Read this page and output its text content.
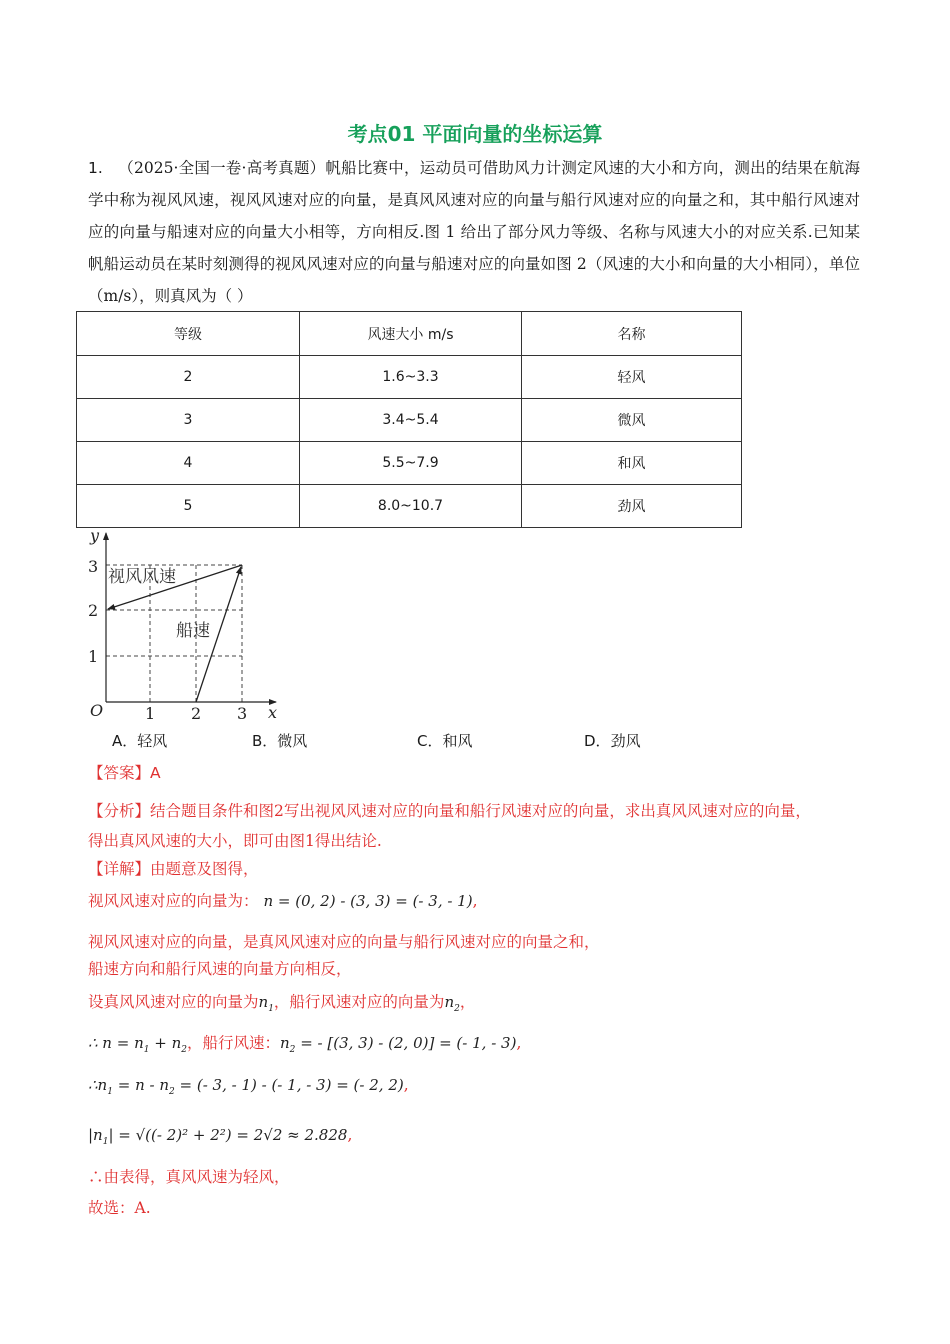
考点01 平面向量的坐标运算
1. （2025·全国一卷·高考真题）帆船比赛中，运动员可借助风力计测定风速的大小和方向，测出的结果在航海学中称为视风风速，视风风速对应的向量，是真风风速对应的向量与船行风速对应的向量之和，其中船行风速对应的向量与船速对应的向量大小相等，方向相反.图 1 给出了部分风力等级、名称与风速大小的对应关系.已知某帆船运动员在某时刻测得的视风风速对应的向量与船速对应的向量如图 2（风速的大小和向量的大小相同），单位（m/s），则真风为（ ）
等级	风速大小 m/s	名称
2	1.6~3.3	轻风
3	3.4~5.4	微风
4	5.5~7.9	和风
5	8.0~10.7	劲风
y
x
O	1 2 3
1
2
3
视风风速
船速
A．轻风	B．微风	C．和风	D．劲风
【答案】A
【分析】结合题目条件和图2写出视风风速对应的向量和船行风速对应的向量，求出真风风速对应的向量，
得出真风风速的大小，即可由图1得出结论.
【详解】由题意及图得，
视风风速对应的向量为： n = (0, 2) - (3, 3) = (- 3, - 1),
视风风速对应的向量，是真风风速对应的向量与船行风速对应的向量之和，
船速方向和船行风速的向量方向相反，
设真风风速对应的向量为$n_1$，船行风速对应的向量为$n_2$，
∴ $n = n_1 + n_2$，船行风速：$n_2$ = - [(3, 3) - (2, 0)] = (- 1, - 3),
$\therefore n_1 = n - n_2$ = (- 3, - 1) - (- 1, - 3) = (- 2, 2),
$|n_1|$ = √((- 2)² + 2²) = 2√2 ≈ 2.828,
∴由表得，真风风速为轻风，
故选：A.
